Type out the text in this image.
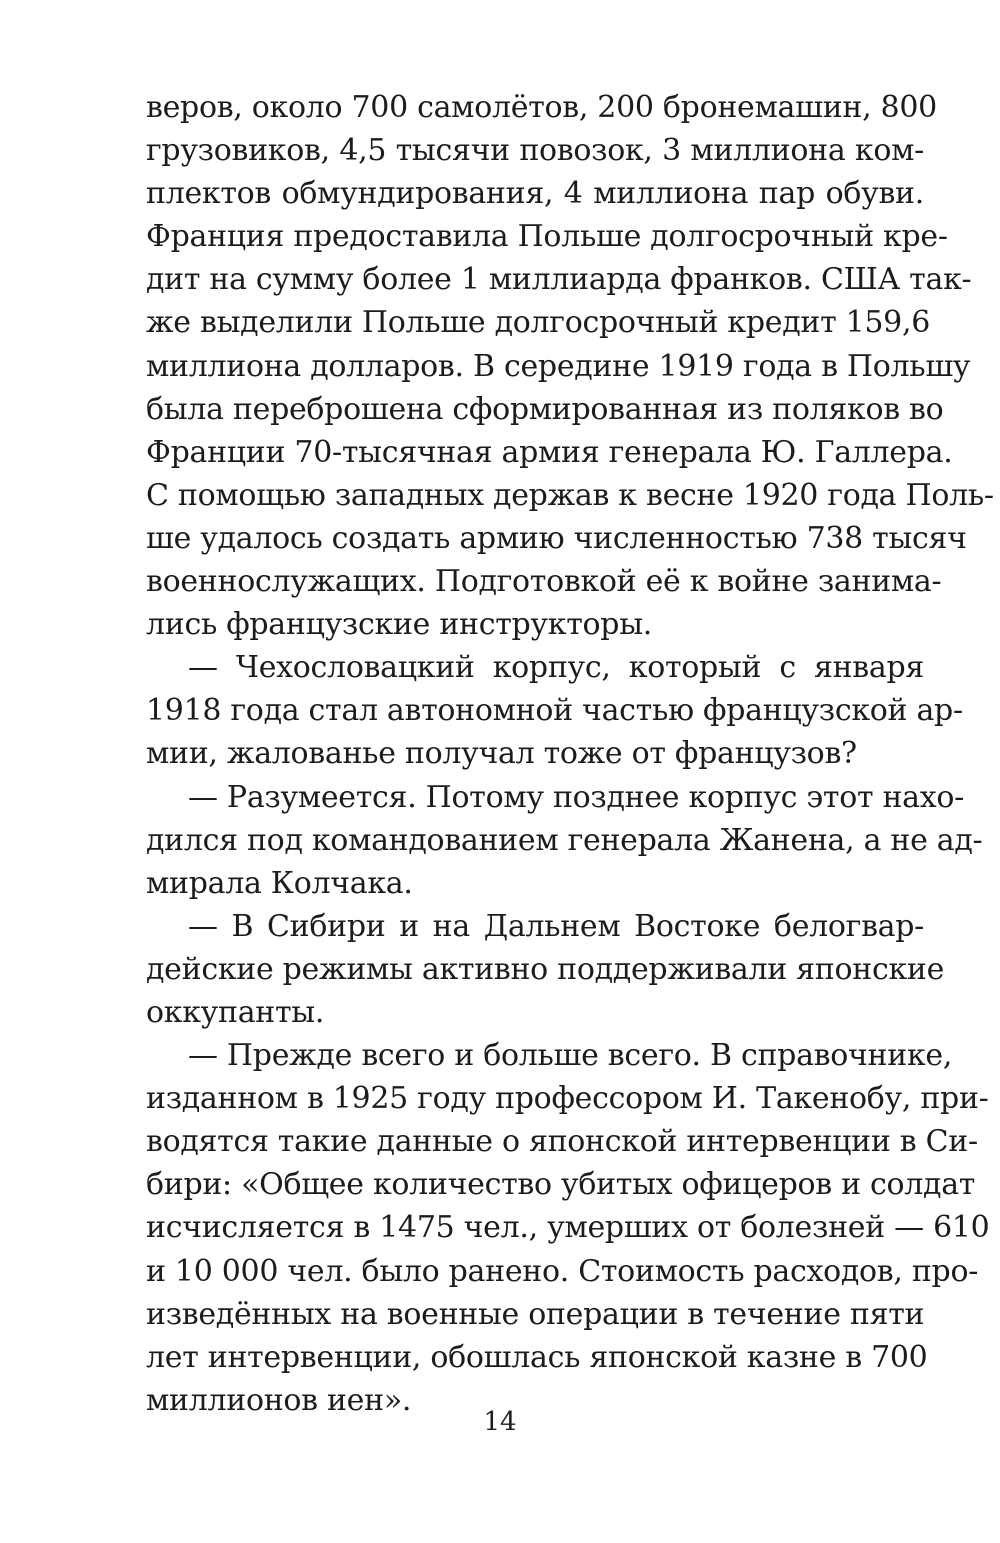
веров, около 700 самолётов, 200 бронемашин, 800
грузовиков, 4,5 тысячи повозок, 3 миллиона ком-
плектов обмундирования, 4 миллиона пар обуви.
Франция предоставила Польше долгосрочный кре-
дит на сумму более 1 миллиарда франков. США так-
же выделили Польше долгосрочный кредит 159,6
миллиона долларов. В середине 1919 года в Польшу
была переброшена сформированная из поляков во
Франции 70-тысячная армия генерала Ю. Галлера.
С помощью западных держав к весне 1920 года Поль-
ше удалось создать армию численностью 738 тысяч
военнослужащих. Подготовкой её к войне занима-
лись французские инструкторы.
— Чехословацкий корпус, который с января
1918 года стал автономной частью французской ар-
мии, жалованье получал тоже от французов?
— Разумеется. Потому позднее корпус этот нахо-
дился под командованием генерала Жанена, а не ад-
мирала Колчака.
— В Сибири и на Дальнем Востоке белогвар-
дейские режимы активно поддерживали японские
оккупанты.
— Прежде всего и больше всего. В справочнике,
изданном в 1925 году профессором И. Такенобу, при-
водятся такие данные о японской интервенции в Си-
бири: «Общее количество убитых офицеров и солдат
исчисляется в 1475 чел., умерших от болезней — 610
и 10 000 чел. было ранено. Стоимость расходов, про-
изведённых на военные операции в течение пяти
лет интервенции, обошлась японской казне в 700
миллионов иен».
14
